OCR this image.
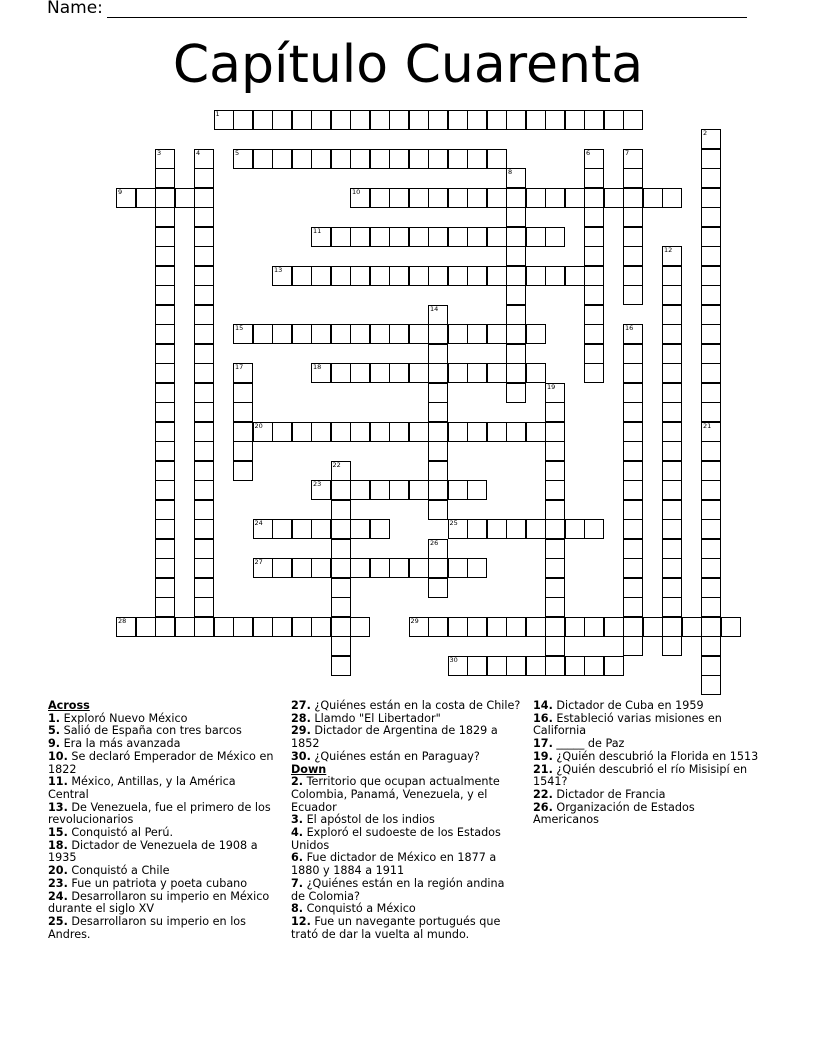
Name:
Capítulo Cuarenta
1
2
21
3	4	5	6	7
8
9	10
11
12
13
14
15	16
17	18
19
20
22
23
24	25
26
27
28	29
30
Across
1. Exploró Nuevo México
5. Salió de España con tres barcos
9. Era la más avanzada
10. Se declaró Emperador de México en 1822
11. México, Antillas, y la América Central
13. De Venezuela, fue el primero de los revolucionarios
15. Conquistó al Perú.
18. Dictador de Venezuela de 1908 a 1935
20. Conquistó a Chile
23. Fue un patriota y poeta cubano
24. Desarrollaron su imperio en México durante el siglo XV
25. Desarrollaron su imperio en los Andres.
27. ¿Quiénes están en la costa de Chile?
28. Llamdo "El Libertador"
29. Dictador de Argentina de 1829 a 1852
30. ¿Quiénes están en Paraguay?
Down
2. Territorio que ocupan actualmente Colombia, Panamá, Venezuela, y el Ecuador
3. El apóstol de los indios
4. Exploró el sudoeste de los Estados Unidos
6. Fue dictador de México en 1877 a 1880 y 1884 a 1911
7. ¿Quiénes están en la región andina de Colomia?
8. Conquistó a México
12. Fue un navegante portugués que trató de dar la vuelta al mundo.
14. Dictador de Cuba en 1959
16. Estableció varias misiones en California
17. _____ de Paz
19. ¿Quién descubrió la Florida en 1513
21. ¿Quién descubrió el río Misisipí en 1541?
22. Dictador de Francia
26. Organización de Estados Americanos
